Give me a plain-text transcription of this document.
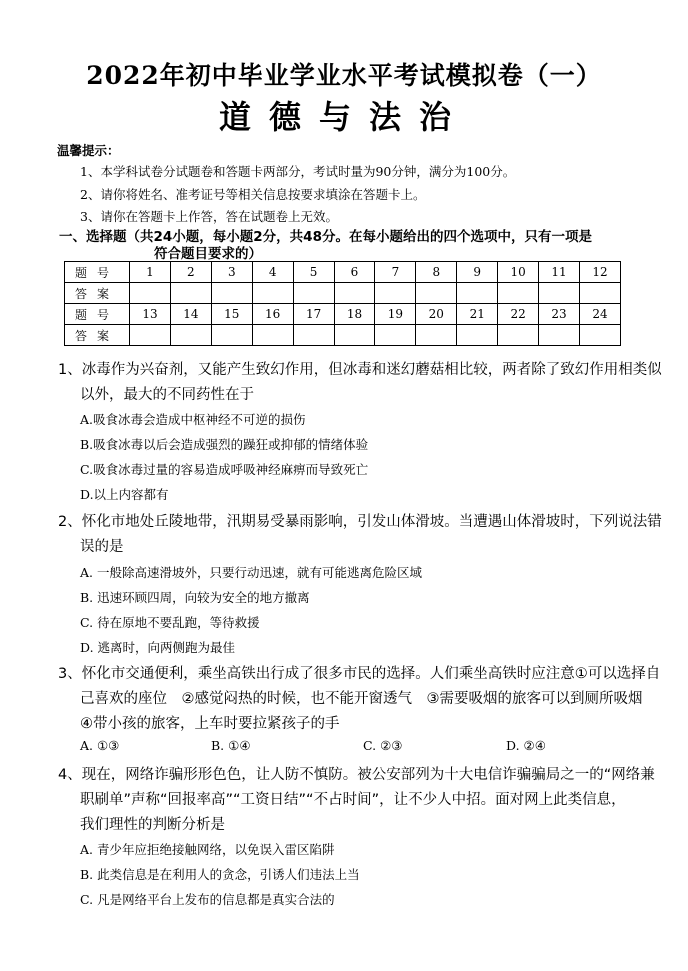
2022年初中毕业学业水平考试模拟卷（一）
道德与法治
温馨提示：
1、本学科试卷分试题卷和答题卡两部分，考试时量为90分钟，满分为100分。
2、请你将姓名、准考证号等相关信息按要求填涂在答题卡上。
3、请你在答题卡上作答，答在试题卷上无效。
一、选择题（共24小题，每小题2分，共48分。在每小题给出的四个选项中，只有一项是
符合题目要求的）
题号	1	2	3	4	5	6	7	8	9	10	11	12
答案												
题号	13	14	15	16	17	18	19	20	21	22	23	24
答案												
1、冰毒作为兴奋剂，又能产生致幻作用，但冰毒和迷幻蘑菇相比较，两者除了致幻作用相类似
以外，最大的不同药性在于
A.吸食冰毒会造成中枢神经不可逆的损伤
B.吸食冰毒以后会造成强烈的躁狂或抑郁的情绪体验
C.吸食冰毒过量的容易造成呼吸神经麻痹而导致死亡
D.以上内容都有
2、怀化市地处丘陵地带，汛期易受暴雨影响，引发山体滑坡。当遭遇山体滑坡时，下列说法错
误的是
A. 一般除高速滑坡外，只要行动迅速，就有可能逃离危险区域
B. 迅速环顾四周，向较为安全的地方撤离
C. 待在原地不要乱跑，等待救援
D. 逃离时，向两侧跑为最佳
3、怀化市交通便利，乘坐高铁出行成了很多市民的选择。人们乘坐高铁时应注意①可以选择自
己喜欢的座位　②感觉闷热的时候，也不能开窗透气　③需要吸烟的旅客可以到厕所吸烟
④带小孩的旅客，上车时要拉紧孩子的手
A. ①③	B. ①④	C. ②③	D. ②④
4、现在，网络诈骗形形色色，让人防不慎防。被公安部列为十大电信诈骗骗局之一的“网络兼
职刷单”声称“回报率高”“工资日结”“不占时间”，让不少人中招。面对网上此类信息，
我们理性的判断分析是
A. 青少年应拒绝接触网络，以免误入雷区陷阱
B. 此类信息是在利用人的贪念，引诱人们违法上当
C. 凡是网络平台上发布的信息都是真实合法的
